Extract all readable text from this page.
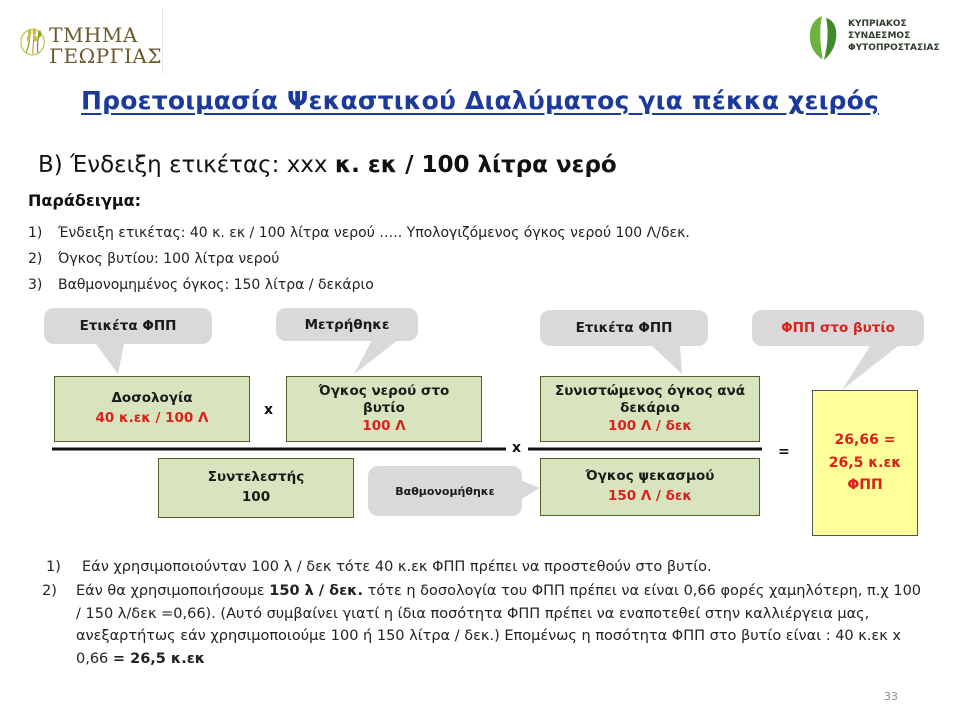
ΤΜΗΜΑ
ΓΕΩΡΓΙΑΣ
ΚΥΠΡΙΑΚΟΣ
ΣΥΝΔΕΣΜΟΣ
ΦΥΤΟΠΡΟΣΤΑΣΙΑΣ
Προετοιμασία Ψεκαστικού Διαλύματος για πέκκα χειρός
Β) Ένδειξη ετικέτας: xxx κ. εκ / 100 λίτρα νερό
Παράδειγμα:
1)	Ένδειξη ετικέτας: 40 κ. εκ / 100 λίτρα νερού ….. Υπολογιζόμενος όγκος νερού 100 Λ/δεκ.
2)	Όγκος βυτίου: 100 λίτρα νερού
3)	Βαθμονομημένος όγκος: 150 λίτρα / δεκάριο
Ετικέτα ΦΠΠ	Μετρήθηκε	Ετικέτα ΦΠΠ	ΦΠΠ στο βυτίο
Βαθμονομήθηκε
Δοσολογία
40 κ.εκ / 100 Λ
Όγκος νερού στο
βυτίο
100 Λ
Συνιστώμενος όγκος ανά
δεκάριο
100 Λ / δεκ
Συντελεστής
100
Όγκος ψεκασμού
150 Λ / δεκ
x
x	=
26,66 =
26,5 κ.εκ
ΦΠΠ
1)	Εάν χρησιμοποιούνταν 100 λ / δεκ τότε 40 κ.εκ ΦΠΠ πρέπει να προστεθούν στο βυτίο.
2)	Εάν θα χρησιμοποιήσουμε 150 λ / δεκ. τότε η δοσολογία του ΦΠΠ πρέπει να είναι 0,66 φορές χαμηλότερη, π.χ 100 / 150 λ/δεκ =0,66). (Αυτό συμβαίνει γιατί η ίδια ποσότητα ΦΠΠ πρέπει να εναποτεθεί στην καλλιέργεια μας, ανεξαρτήτως εάν χρησιμοποιούμε 100 ή 150 λίτρα / δεκ.) Επομένως η ποσότητα ΦΠΠ στο βυτίο είναι : 40 κ.εκ x 0,66 = 26,5 κ.εκ
33
